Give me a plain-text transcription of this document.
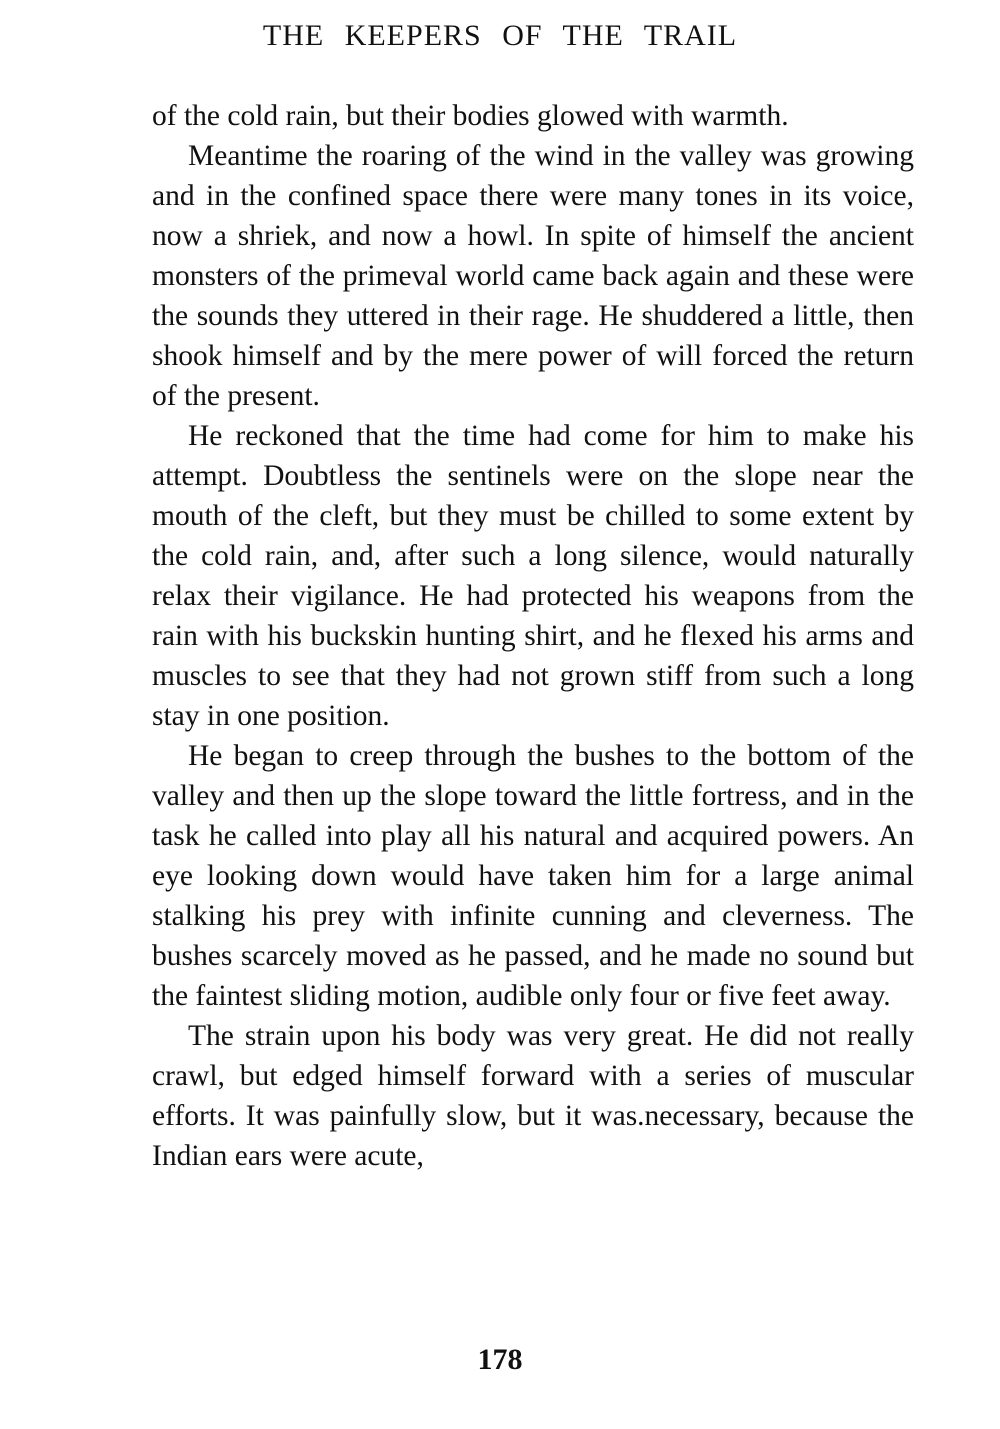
THE KEEPERS OF THE TRAIL

of the cold rain, but their bodies glowed with warmth.

Meantime the roaring of the wind in the valley was growing and in the confined space there were many tones in its voice, now a shriek, and now a howl. In spite of himself the ancient monsters of the primeval world came back again and these were the sounds they uttered in their rage. He shuddered a little, then shook himself and by the mere power of will forced the return of the present.

He reckoned that the time had come for him to make his attempt. Doubtless the sentinels were on the slope near the mouth of the cleft, but they must be chilled to some extent by the cold rain, and, after such a long silence, would naturally relax their vigilance. He had protected his weapons from the rain with his buckskin hunting shirt, and he flexed his arms and muscles to see that they had not grown stiff from such a long stay in one position.

He began to creep through the bushes to the bottom of the valley and then up the slope toward the little fortress, and in the task he called into play all his natural and acquired powers. An eye looking down would have taken him for a large animal stalking his prey with infinite cunning and cleverness. The bushes scarcely moved as he passed, and he made no sound but the faintest sliding motion, audible only four or five feet away.

The strain upon his body was very great. He did not really crawl, but edged himself forward with a series of muscular efforts. It was painfully slow, but it was.necessary, because the Indian ears were acute,

178
